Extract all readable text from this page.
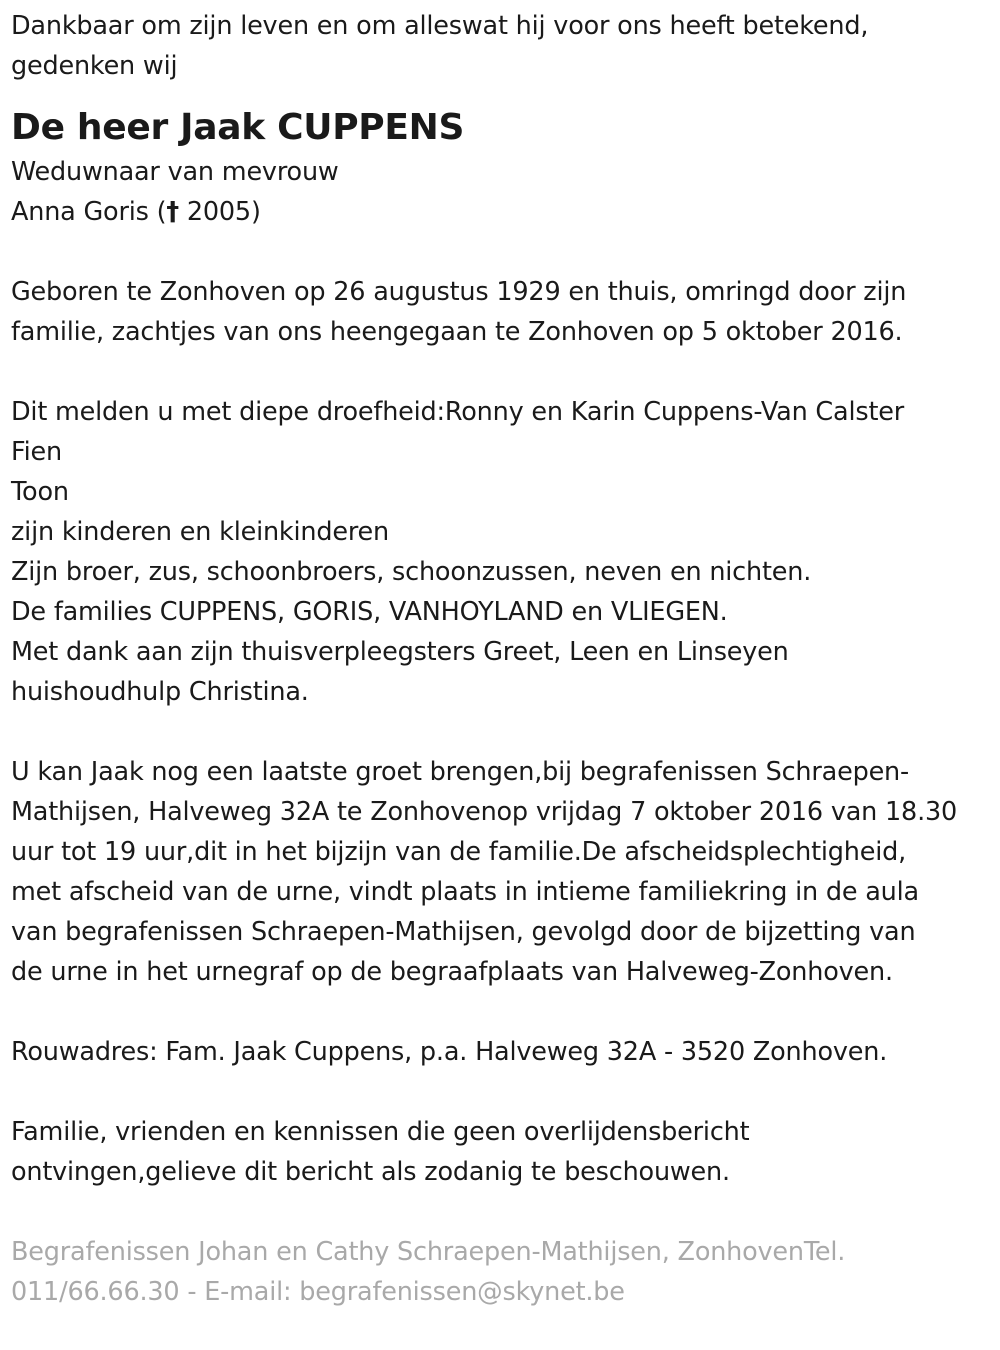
Dankbaar om zijn leven en om alleswat hij voor ons heeft betekend,
gedenken wij
De heer Jaak CUPPENS
Weduwnaar van mevrouw
Anna Goris († 2005)
Geboren te Zonhoven op 26 augustus 1929 en thuis, omringd door zijn
familie, zachtjes van ons heengegaan te Zonhoven op 5 oktober 2016.
Dit melden u met diepe droefheid:Ronny en Karin Cuppens-Van Calster
Fien
Toon
zijn kinderen en kleinkinderen
Zijn broer, zus, schoonbroers, schoonzussen, neven en nichten.
De families CUPPENS, GORIS, VANHOYLAND en VLIEGEN.
Met dank aan zijn thuisverpleegsters Greet, Leen en Linseyen
huishoudhulp Christina.
U kan Jaak nog een laatste groet brengen,bij begrafenissen Schraepen-
Mathijsen, Halveweg 32A te Zonhovenop vrijdag 7 oktober 2016 van 18.30
uur tot 19 uur,dit in het bijzijn van de familie.De afscheidsplechtigheid,
met afscheid van de urne, vindt plaats in intieme familiekring in de aula
van begrafenissen Schraepen-Mathijsen, gevolgd door de bijzetting van
de urne in het urnegraf op de begraafplaats van Halveweg-Zonhoven.
Rouwadres: Fam. Jaak Cuppens, p.a. Halveweg 32A - 3520 Zonhoven.
Familie, vrienden en kennissen die geen overlijdensbericht
ontvingen,gelieve dit bericht als zodanig te beschouwen.
Begrafenissen Johan en Cathy Schraepen-Mathijsen, ZonhovenTel.
011/66.66.30 - E-mail: begrafenissen@skynet.be
